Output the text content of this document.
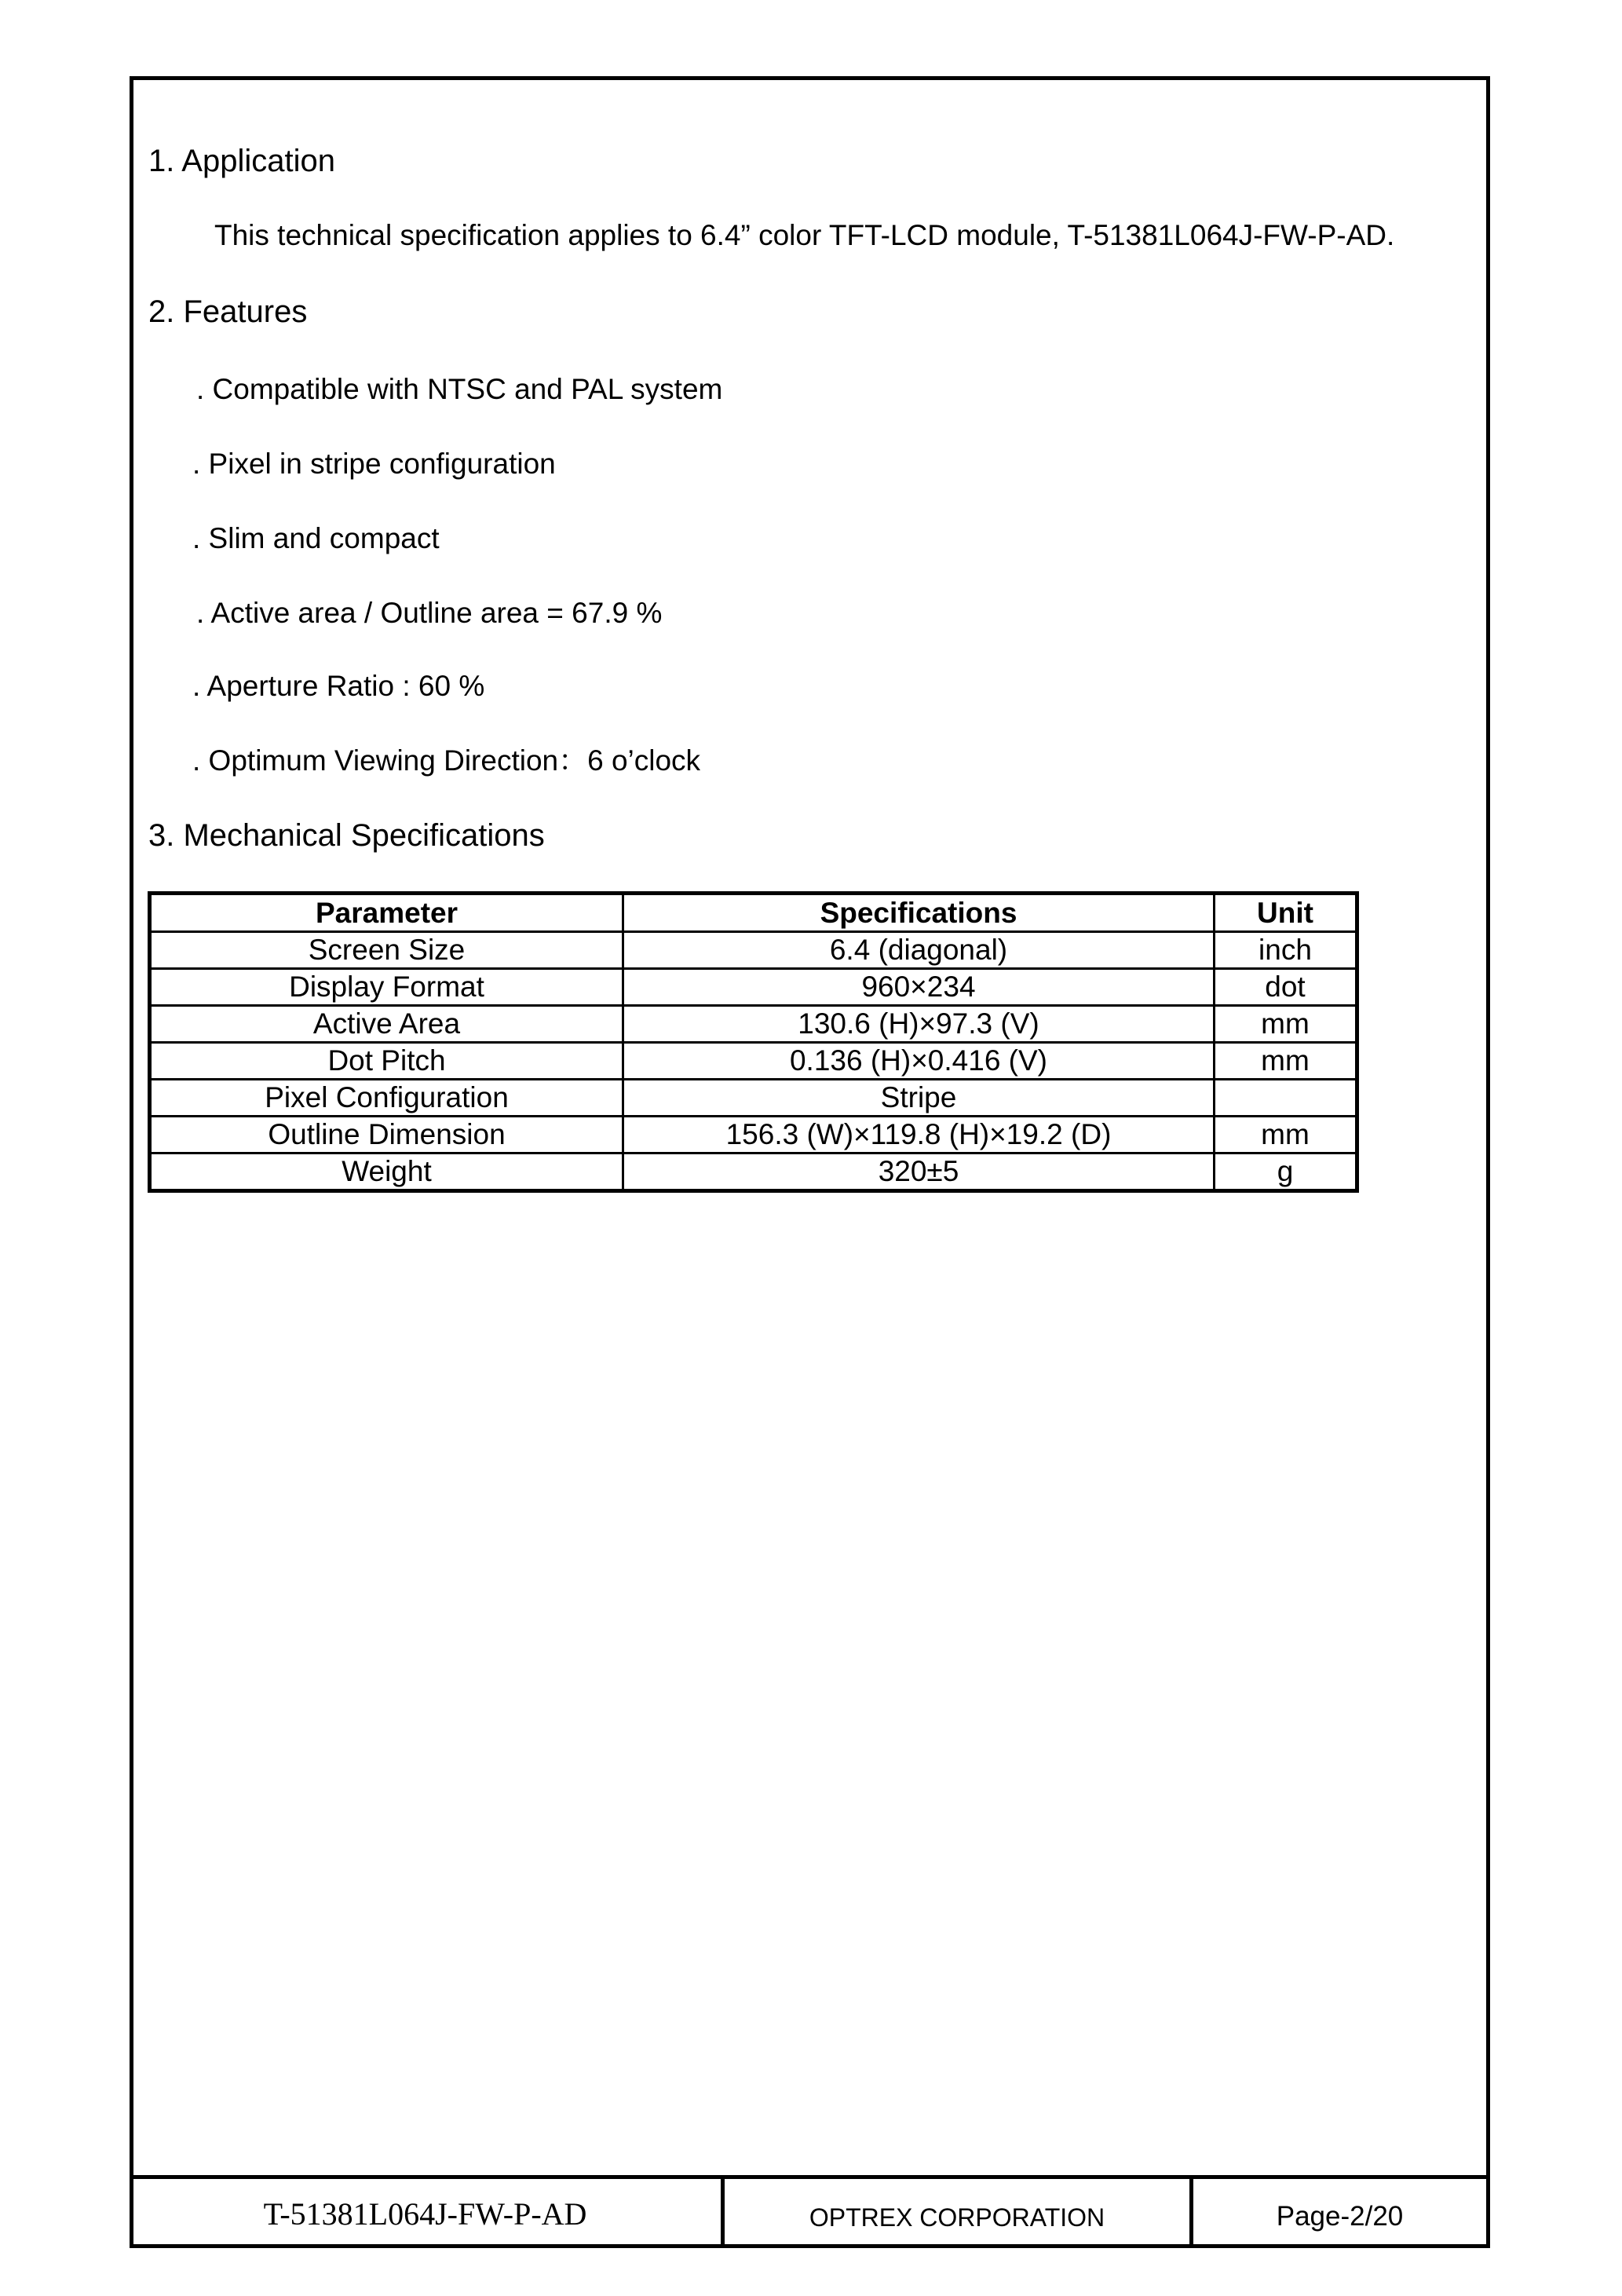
1. Application
This technical specification applies to 6.4” color TFT-LCD module, T-51381L064J-FW-P-AD.
2. Features
. Compatible with NTSC and PAL system
. Pixel in stripe configuration
. Slim and compact
. Active area / Outline area = 67.9 %
. Aperture Ratio : 60 %
. Optimum Viewing Direction：6 o’clock
3. Mechanical Specifications
Parameter	Specifications	Unit
Screen Size	6.4 (diagonal)	inch
Display Format	960×234	dot
Active Area	130.6 (H)×97.3 (V)	mm
Dot Pitch	0.136 (H)×0.416 (V)	mm
Pixel Configuration	Stripe	
Outline Dimension	156.3 (W)×119.8 (H)×19.2 (D)	mm
Weight	320±5	g
T-51381L064J-FW-P-AD	OPTREX CORPORATION	Page-2/20
